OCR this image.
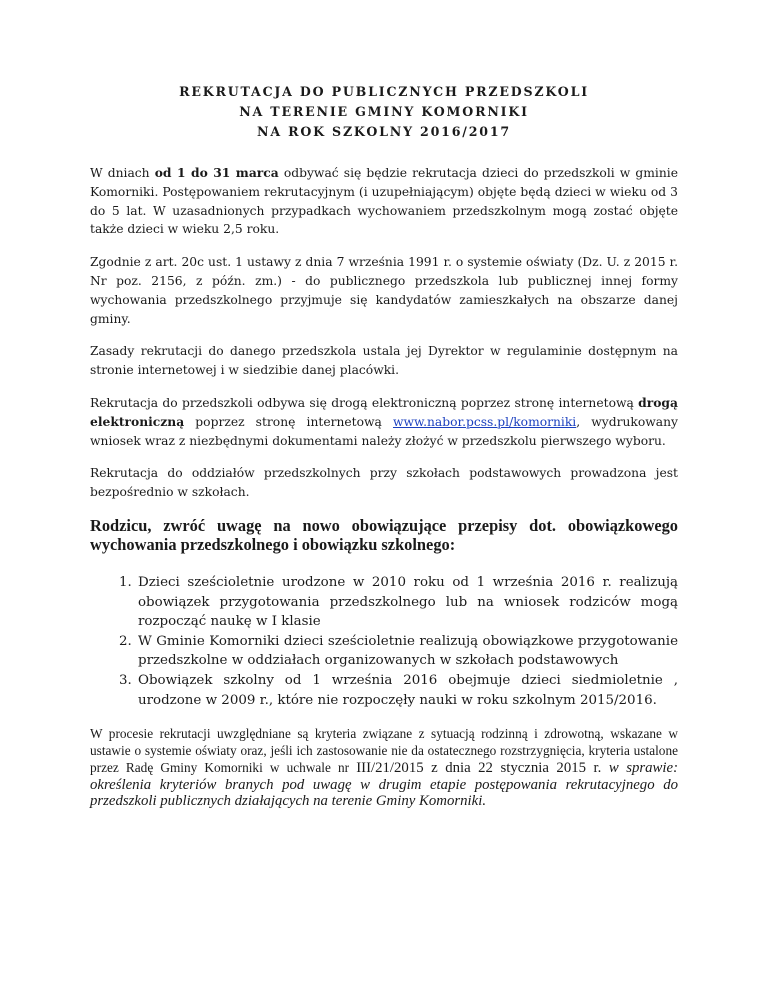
REKRUTACJA DO PUBLICZNYCH PRZEDSZKOLI
NA TERENIE GMINY KOMORNIKI
NA ROK SZKOLNY 2016/2017

W dniach od 1 do 31 marca odbywać się będzie rekrutacja dzieci do przedszkoli w gminie Komorniki. Postępowaniem rekrutacyjnym (i uzupełniającym) objęte będą dzieci w wieku od 3 do 5 lat. W uzasadnionych przypadkach wychowaniem przedszkolnym mogą zostać objęte także dzieci w wieku 2,5 roku.

Zgodnie z art. 20c ust. 1 ustawy z dnia 7 września 1991 r. o systemie oświaty (Dz. U. z 2015 r. Nr poz. 2156, z późn. zm.) - do publicznego przedszkola lub publicznej innej formy wychowania przedszkolnego przyjmuje się kandydatów zamieszkałych na obszarze danej gminy.

Zasady rekrutacji do danego przedszkola ustala jej Dyrektor w regulaminie dostępnym na stronie internetowej i w siedzibie danej placówki.

Rekrutacja do przedszkoli odbywa się drogą elektroniczną poprzez stronę internetową drogą elektroniczną poprzez stronę internetową www.nabor.pcss.pl/komorniki, wydrukowany wniosek wraz z niezbędnymi dokumentami należy złożyć w przedszkolu pierwszego wyboru.

Rekrutacja do oddziałów przedszkolnych przy szkołach podstawowych prowadzona jest bezpośrednio w szkołach.

Rodzicu, zwróć uwagę na nowo obowiązujące przepisy dot. obowiązkowego wychowania przedszkolnego i obowiązku szkolnego:
1. Dzieci sześcioletnie urodzone w 2010 roku od 1 września 2016 r. realizują obowiązek przygotowania przedszkolnego lub na wniosek rodziców mogą rozpocząć naukę w I klasie
2. W Gminie Komorniki dzieci sześcioletnie realizują obowiązkowe przygotowanie przedszkolne w oddziałach organizowanych w szkołach podstawowych
3. Obowiązek szkolny od 1 września 2016 obejmuje dzieci siedmioletnie , urodzone w 2009 r., które nie rozpoczęły nauki w roku szkolnym 2015/2016.

W procesie rekrutacji uwzględniane są kryteria związane z sytuacją rodzinną i zdrowotną, wskazane w ustawie o systemie oświaty oraz, jeśli ich zastosowanie nie da ostatecznego rozstrzygnięcia, kryteria ustalone przez Radę Gminy Komorniki w uchwale nr III/21/2015 z dnia 22 stycznia 2015 r. w sprawie: określenia kryteriów branych pod uwagę w drugim etapie postępowania rekrutacyjnego do przedszkoli publicznych działających na terenie Gminy Komorniki.
